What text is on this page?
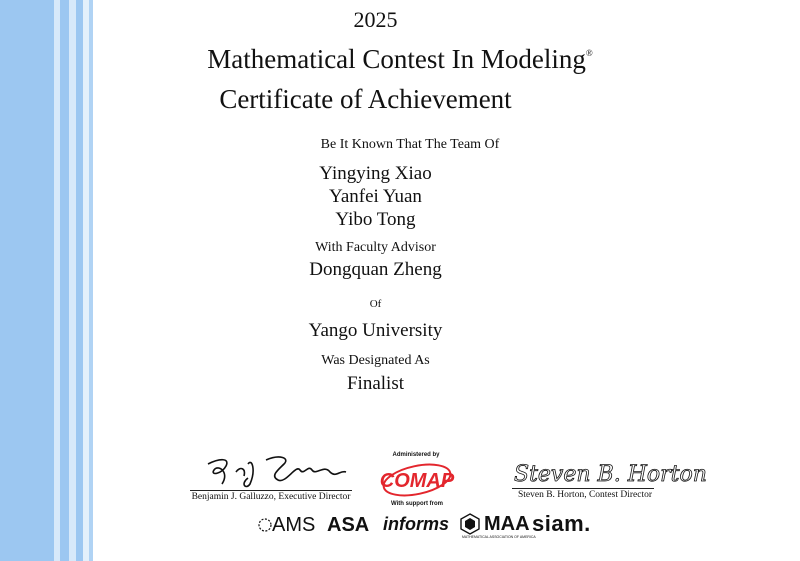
2025
Mathematical Contest In Modeling®
Certificate of Achievement
Be It Known That The Team Of
Yingying Xiao
Yanfei Yuan
Yibo Tong
With Faculty Advisor
Dongquan Zheng
Of
Yango University
Was Designated As
Finalist
Benjamin J. Galluzzo, Executive Director
Steven B. Horton
Steven B. Horton, Contest Director
Administered by
COMAP
With support from
AMS ASA informs MAA
MATHEMATICAL ASSOCIATION OF AMERICA
siam.
